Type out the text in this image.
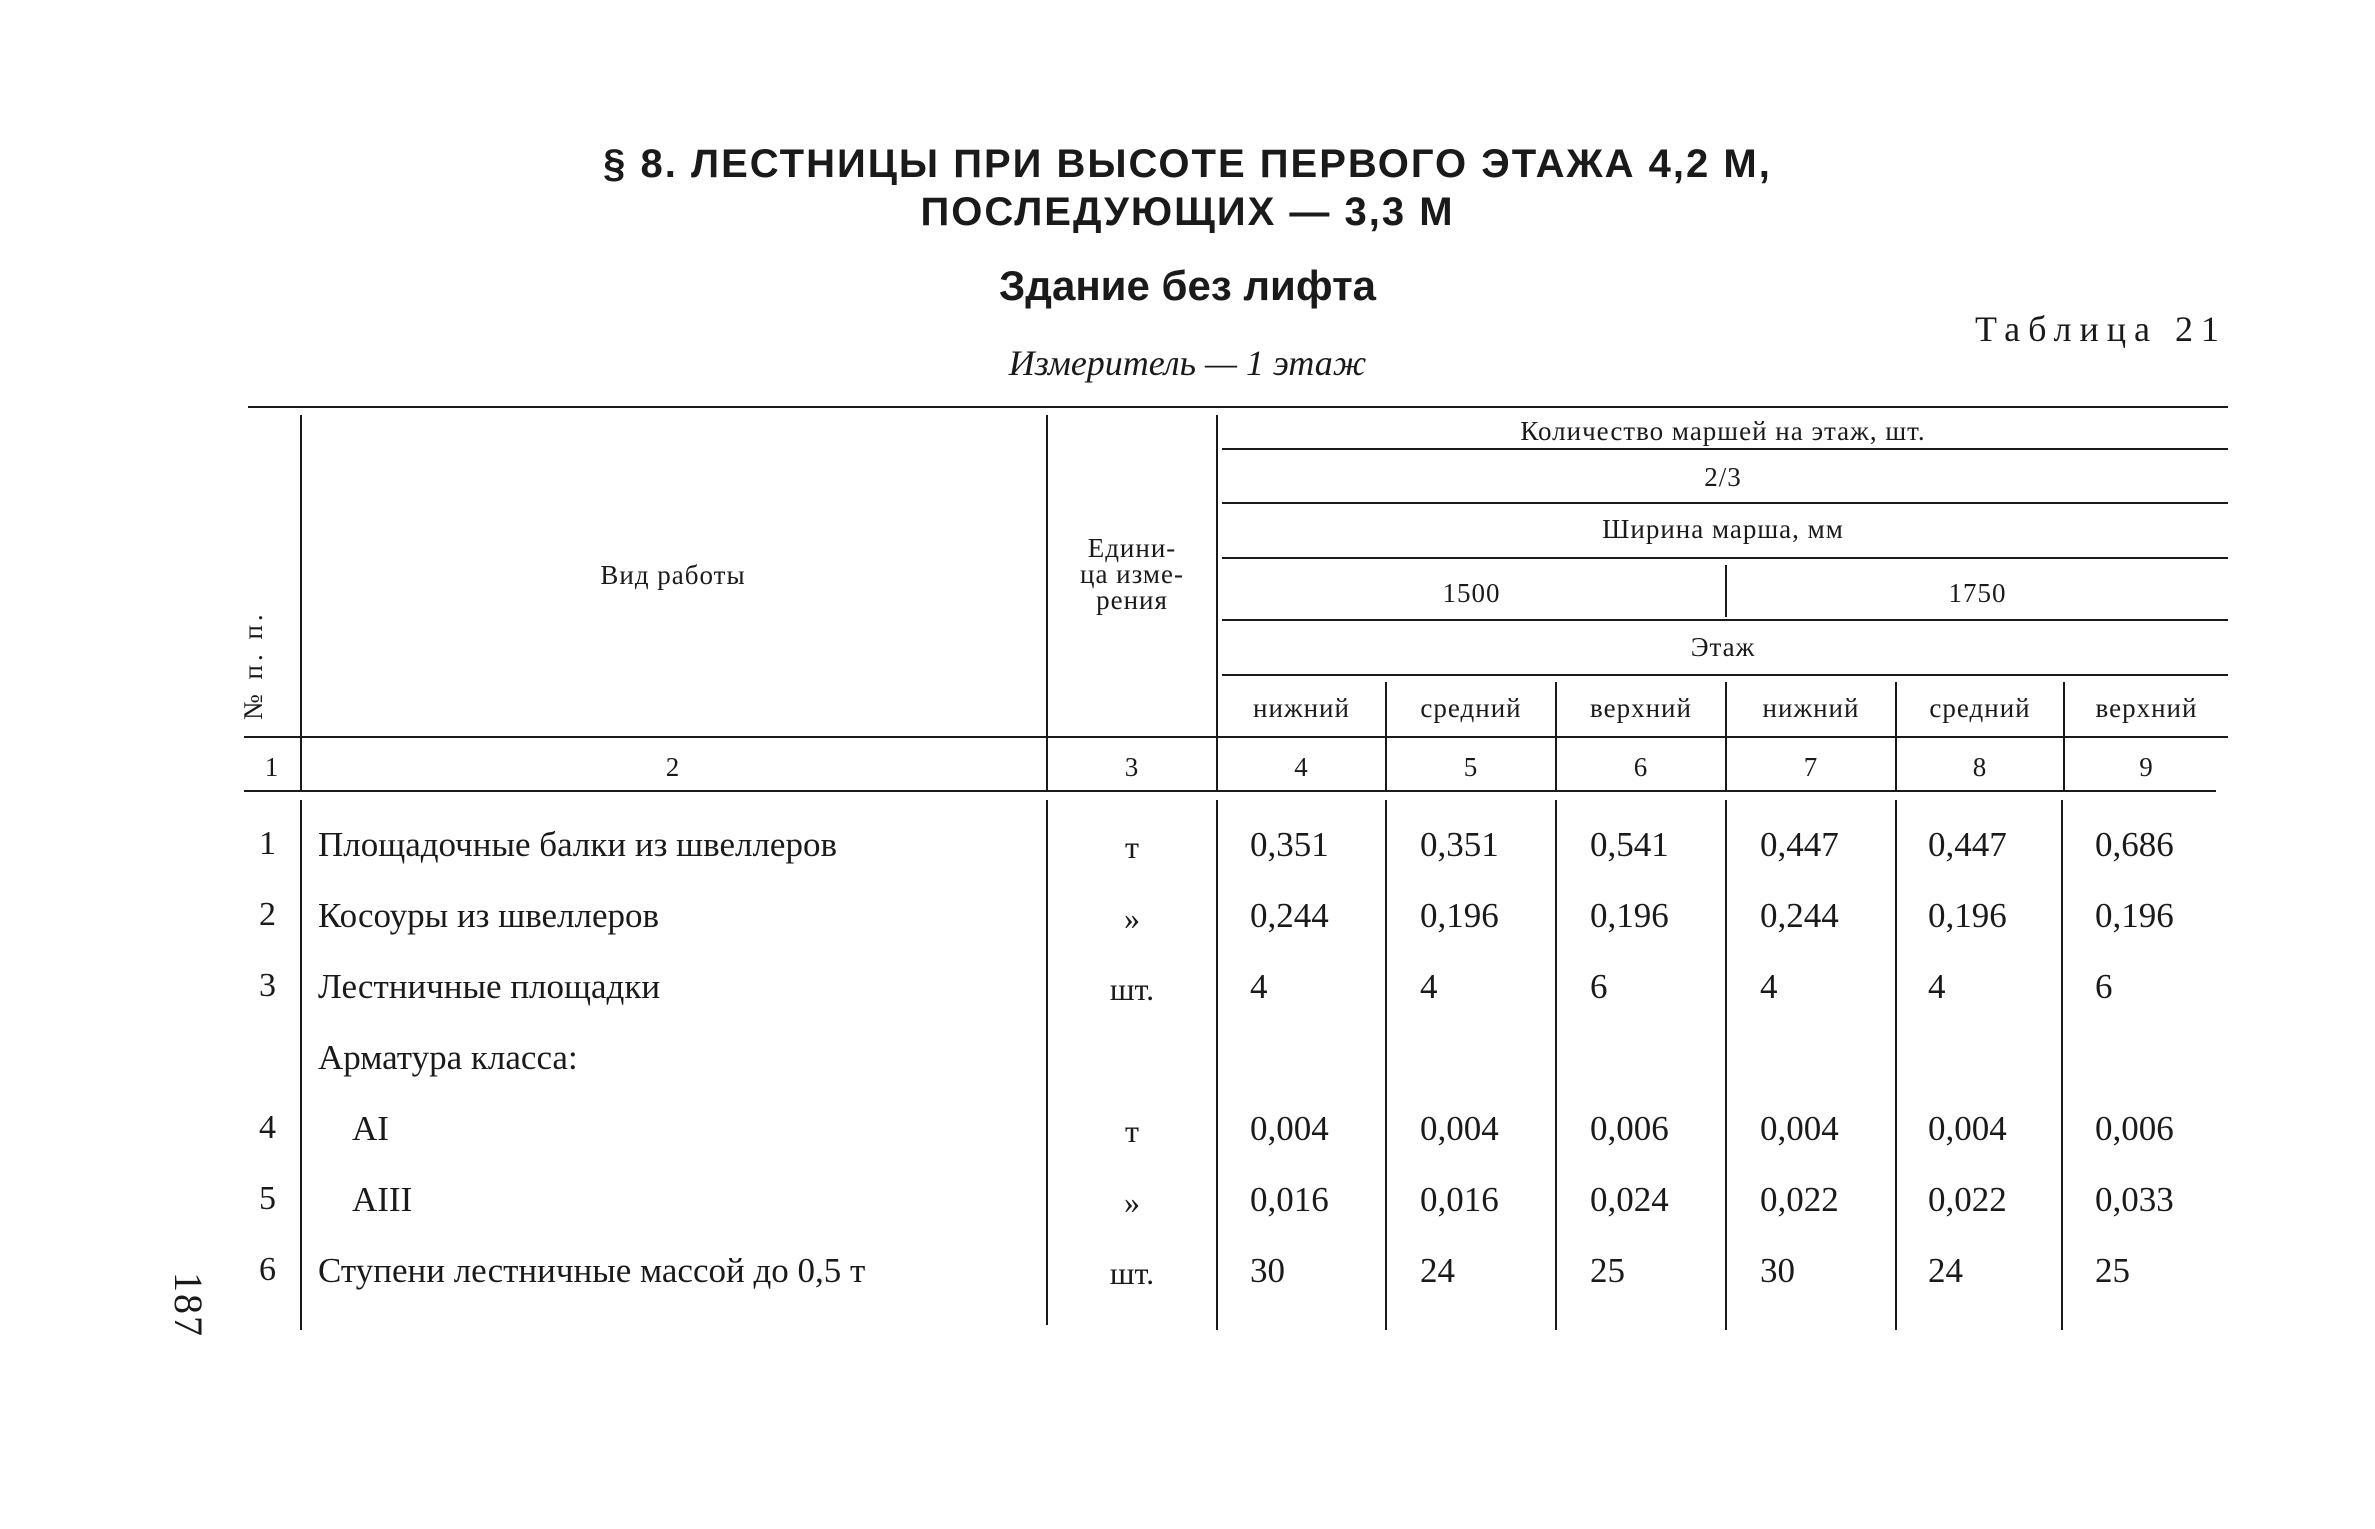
§ 8. ЛЕСТНИЦЫ ПРИ ВЫСОТЕ ПЕРВОГО ЭТАЖА 4,2 М,
ПОСЛЕДУЮЩИХ — 3,3 М
Здание без лифта
Таблица 21
Измеритель — 1 этаж
№ п. п.
Вид работы
Едини-
ца изме-
рения
Количество маршей на этаж, шт.
2/3
Ширина марша, мм
1500	1750
Этаж
нижний	средний	верхний	нижний	средний	верхний
1	2	3	4	5	6	7	8	9
1 Площадочные балки из швеллеров	т	0,351	0,351	0,541	0,447	0,447	0,686
2 Косоуры из швеллеров	»	0,244	0,196	0,196	0,244	0,196	0,196
3 Лестничные площадки	шт.	4	4	6	4	4	6
Арматура класса:
4 AI	т	0,004	0,004	0,006	0,004	0,004	0,006
5 AIII	»	0,016	0,016	0,024	0,022	0,022	0,033
6 Ступени лестничные массой до 0,5 т	шт.	30	24	25	30	24	25
187
